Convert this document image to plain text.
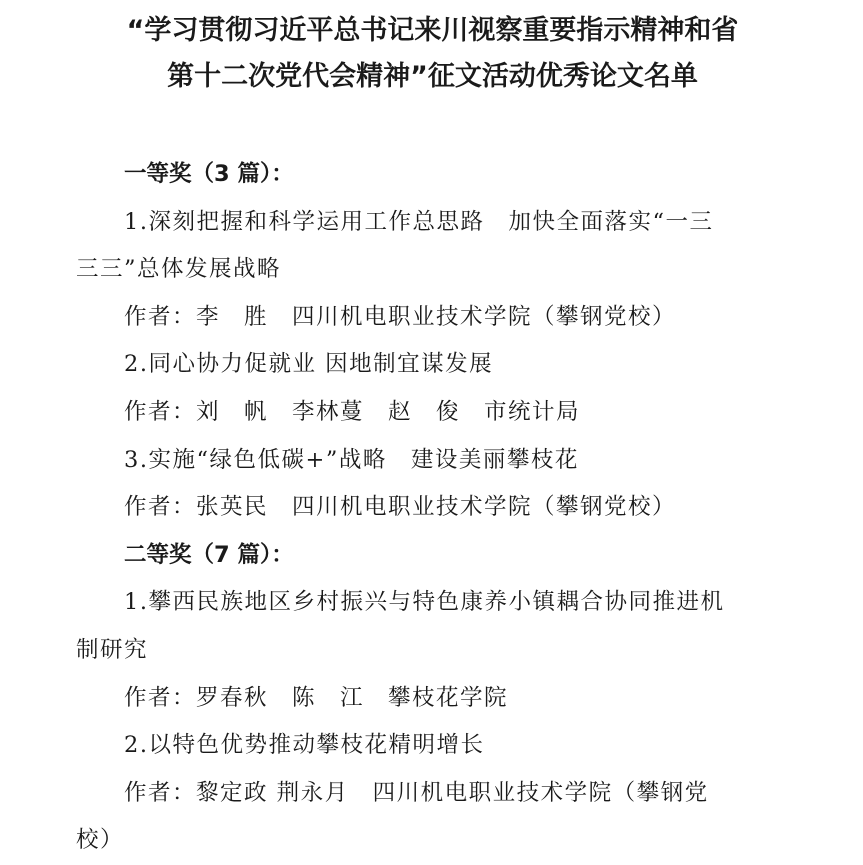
“学习贯彻习近平总书记来川视察重要指示精神和省
第十二次党代会精神”征文活动优秀论文名单

一等奖（3 篇）：

1.深刻把握和科学运用工作总思路　加快全面落实“一三

三三”总体发展战略

作者：李　胜　四川机电职业技术学院（攀钢党校）

2.同心协力促就业 因地制宜谋发展

作者：刘　帆　李林蔓　赵　俊　市统计局

3.实施“绿色低碳+”战略　建设美丽攀枝花

作者：张英民　四川机电职业技术学院（攀钢党校）

二等奖（7 篇）：

1.攀西民族地区乡村振兴与特色康养小镇耦合协同推进机

制研究

作者：罗春秋　陈　江　攀枝花学院

2.以特色优势推动攀枝花精明增长

作者：黎定政 荆永月　四川机电职业技术学院（攀钢党

校）
